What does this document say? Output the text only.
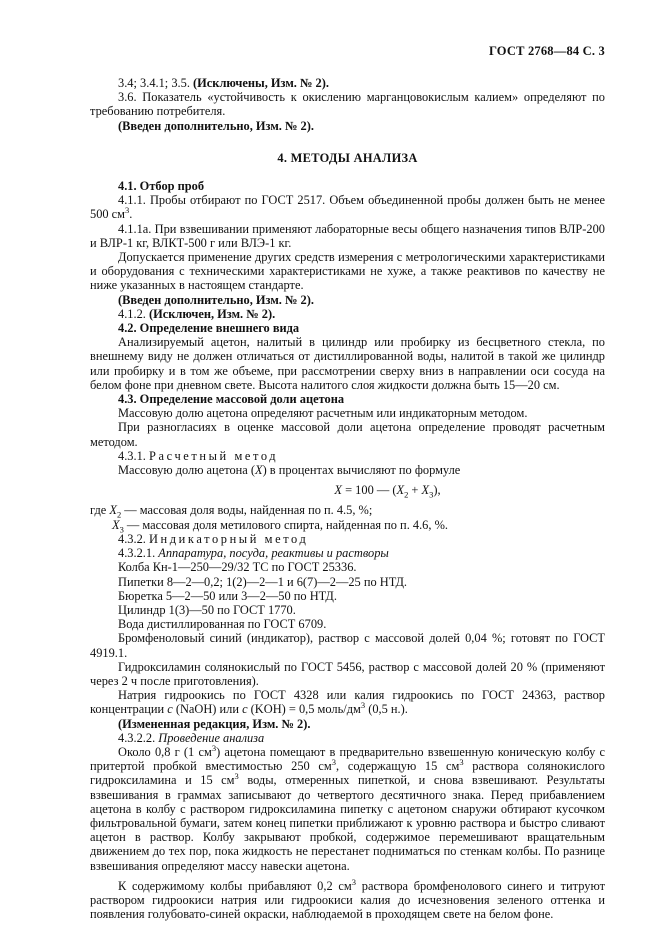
ГОСТ 2768—84 С. 3

3.4; 3.4.1; 3.5. (Исключены, Изм. № 2).

3.6. Показатель «устойчивость к окислению марганцовокислым калием» определяют по требованию потребителя.

(Введен дополнительно, Изм. № 2).

4. МЕТОДЫ АНАЛИЗА

4.1. Отбор проб

4.1.1. Пробы отбирают по ГОСТ 2517. Объем объединенной пробы должен быть не менее 500 $см^3$.

4.1.1а. При взвешивании применяют лабораторные весы общего назначения типов ВЛР-200 и ВЛР-1 кг, ВЛКТ-500 г или ВЛЭ-1 кг.

Допускается применение других средств измерения с метрологическими характеристиками и оборудования с техническими характеристиками не хуже, а также реактивов по качеству не ниже указанных в настоящем стандарте.

(Введен дополнительно, Изм. № 2).

4.1.2. (Исключен, Изм. № 2).

4.2. Определение внешнего вида

Анализируемый ацетон, налитый в цилиндр или пробирку из бесцветного стекла, по внешнему виду не должен отличаться от дистиллированной воды, налитой в такой же цилиндр или пробирку и в том же объеме, при рассмотрении сверху вниз в направлении оси сосуда на белом фоне при дневном свете. Высота налитого слоя жидкости должна быть 15—20 см.

4.3. Определение массовой доли ацетона

Массовую долю ацетона определяют расчетным или индикаторным методом.

При разногласиях в оценке массовой доли ацетона определение проводят расчетным методом.

4.3.1. Расчетный метод

Массовую долю ацетона (X) в процентах вычисляют по формуле

X = 100 — $(X_2 + X_3)$,

где $X_2$ — массовая доля воды, найденная по п. 4.5, %;

$X_3$ — массовая доля метилового спирта, найденная по п. 4.6, %.

4.3.2. Индикаторный метод

4.3.2.1. Аппаратура, посуда, реактивы и растворы

Колба Кн-1—250—29/32 ТС по ГОСТ 25336.

Пипетки 8—2—0,2; 1(2)—2—1 и 6(7)—2—25 по НТД.

Бюретка 5—2—50 или 3—2—50 по НТД.

Цилиндр 1(3)—50 по ГОСТ 1770.

Вода дистиллированная по ГОСТ 6709.

Бромфеноловый синий (индикатор), раствор с массовой долей 0,04 %; готовят по ГОСТ 4919.1.

Гидроксиламин солянокислый по ГОСТ 5456, раствор с массовой долей 20 % (применяют через 2 ч после приготовления).

Натрия гидроокись по ГОСТ 4328 или калия гидроокись по ГОСТ 24363, раствор концентрации c (NaOH) или c (KOH) = 0,5 моль/$дм^3$ (0,5 н.).

(Измененная редакция, Изм. № 2).

4.3.2.2. Проведение анализа

Около 0,8 г (1 $см^3$) ацетона помещают в предварительно взвешенную коническую колбу с притертой пробкой вместимостью 250 $см^3$, содержащую 15 $см^3$ раствора солянокислого гидроксиламина и 15 $см^3$ воды, отмеренных пипеткой, и снова взвешивают. Результаты взвешивания в граммах записывают до четвертого десятичного знака. Перед прибавлением ацетона в колбу с раствором гидроксиламина пипетку с ацетоном снаружи обтирают кусочком фильтровальной бумаги, затем конец пипетки приближают к уровню раствора и быстро сливают ацетон в раствор. Колбу закрывают пробкой, содержимое перемешивают вращательным движением до тех пор, пока жидкость не перестанет подниматься по стенкам колбы. По разнице взвешивания определяют массу навески ацетона.

К содержимому колбы прибавляют 0,2 $см^3$ раствора бромфенолового синего и титруют раствором гидроокиси натрия или гидроокиси калия до исчезновения зеленого оттенка и появления голубовато-синей окраски, наблюдаемой в проходящем свете на белом фоне.
